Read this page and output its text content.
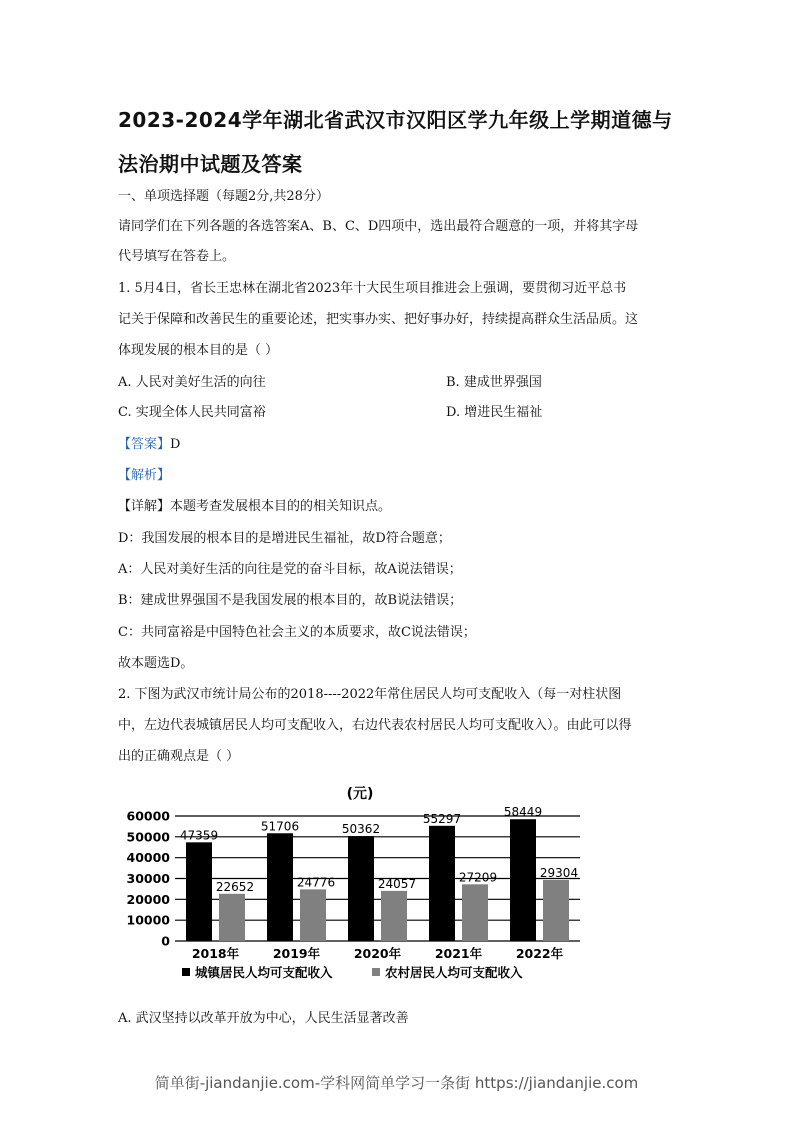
2023-2024学年湖北省武汉市汉阳区学九年级上学期道德与法治期中试题及答案
一、单项选择题（每题2分,共28分）
请同学们在下列各题的各选答案A、B、C、D四项中，选出最符合题意的一项，并将其字母
代号填写在答卷上。
1. 5月4日，省长王忠林在湖北省2023年十大民生项目推进会上强调，要贯彻习近平总书
记关于保障和改善民生的重要论述，把实事办实、把好事办好，持续提高群众生活品质。这
体现发展的根本目的是（ ）
A. 人民对美好生活的向往	B. 建成世界强国
C. 实现全体人民共同富裕	D. 增进民生福祉
【答案】D
【解析】
【详解】本题考查发展根本目的的相关知识点。
D：我国发展的根本目的是增进民生福祉，故D符合题意；
A：人民对美好生活的向往是党的奋斗目标，故A说法错误；
B：建成世界强国不是我国发展的根本目的，故B说法错误；
C：共同富裕是中国特色社会主义的本质要求，故C说法错误；
故本题选D。
2. 下图为武汉市统计局公布的2018----2022年常住居民人均可支配收入（每一对柱状图
中，左边代表城镇居民人均可支配收入，右边代表农村居民人均可支配收入）。由此可以得
出的正确观点是（ ）
(元)
0
10000
20000
30000
40000
50000
60000
47359
22652
2018年
51706
24776
2019年
50362
24057
2020年
55297
27209
2021年
58449
29304
2022年
城镇居民人均可支配收入	农村居民人均可支配收入
A. 武汉坚持以改革开放为中心，人民生活显著改善
简单街-jiandanjie.com-学科网简单学习一条街 https://jiandanjie.com
